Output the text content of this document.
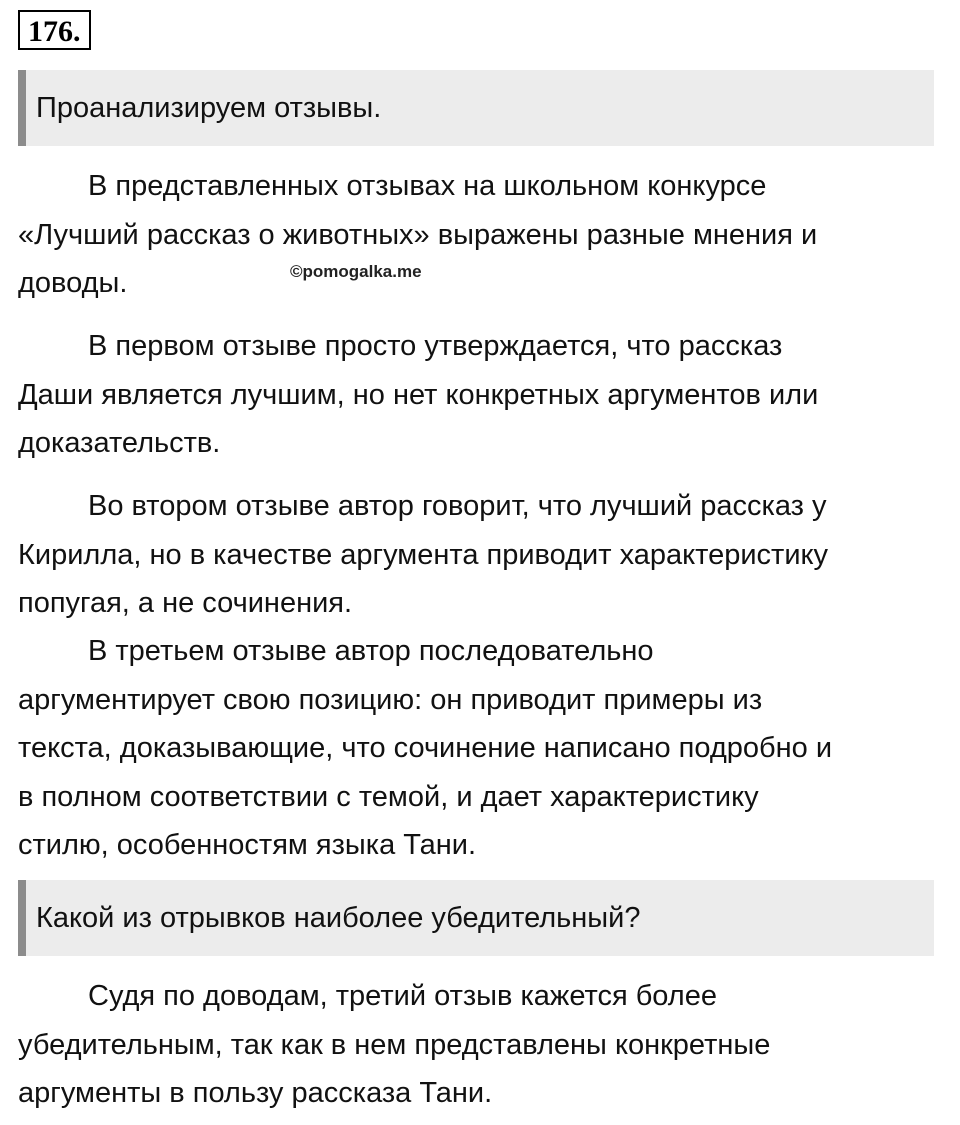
176.
Проанализируем отзывы.
В представленных отзывах на школьном конкурсе
«Лучший рассказ о животных» выражены разные мнения и
доводы.	©pomogalka.me
В первом отзыве просто утверждается, что рассказ
Даши является лучшим, но нет конкретных аргументов или
доказательств.
Во втором отзыве автор говорит, что лучший рассказ у
Кирилла, но в качестве аргумента приводит характеристику
попугая, а не сочинения.
В третьем отзыве автор последовательно
аргументирует свою позицию: он приводит примеры из
текста, доказывающие, что сочинение написано подробно и
в полном соответствии с темой, и дает характеристику
стилю, особенностям языка Тани.
Какой из отрывков наиболее убедительный?
Судя по доводам, третий отзыв кажется более
убедительным, так как в нем представлены конкретные
аргументы в пользу рассказа Тани.
